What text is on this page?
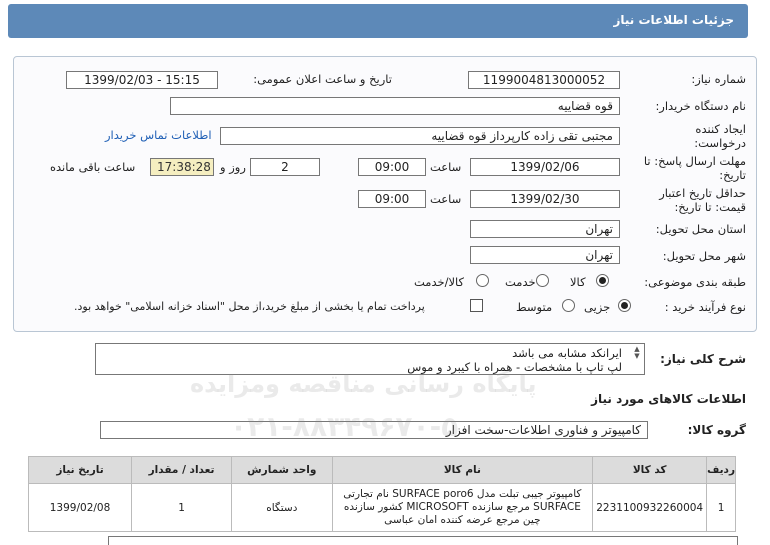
جزئیات اطلاعات نیاز
شماره نیاز:
1199004813000052
تاریخ و ساعت اعلان عمومی:
1399/02/03 - 15:15
نام دستگاه خریدار:
قوه قضاییه
ایجاد کننده درخواست:
مجتبی تقی زاده کارپرداز قوه قضاییه
اطلاعات تماس خریدار
مهلت ارسال پاسخ: تا تاریخ:
1399/02/06
ساعت
09:00
2
روز و
17:38:28
ساعت باقی مانده
حداقل تاریخ اعتبار قیمت: تا تاریخ:
1399/02/30
ساعت
09:00
استان محل تحویل:
تهران
شهر محل تحویل:
تهران
طبقه بندی موضوعی:
کالا
خدمت
کالا/خدمت
نوع فرآیند خرید :
جزیی
متوسط
پرداخت تمام یا بخشی از مبلغ خرید،از محل "اسناد خزانه اسلامی" خواهد بود.
شرح کلی نیاز:
ایرانکد مشابه می باشد
لپ تاپ با مشخصات - همراه با کیبرد و موس
▲
▼
اطلاعات کالاهای مورد نیاز
گروه کالا:
کامپیوتر و فناوری اطلاعات-سخت افزار
پایگاه رسانی مناقصه ومزایده
ردیف	کد کالا	نام کالا	واحد شمارش	تعداد / مقدار	تاریخ نیاز
1	2231100932260004	کامپیوتر جیبی تبلت مدل SURFACE poro6 نام تجارتی SURFACE مرجع سازنده MICROSOFT کشور سازنده چین مرجع عرضه کننده امان عباسی	دستگاه	1	1399/02/08
